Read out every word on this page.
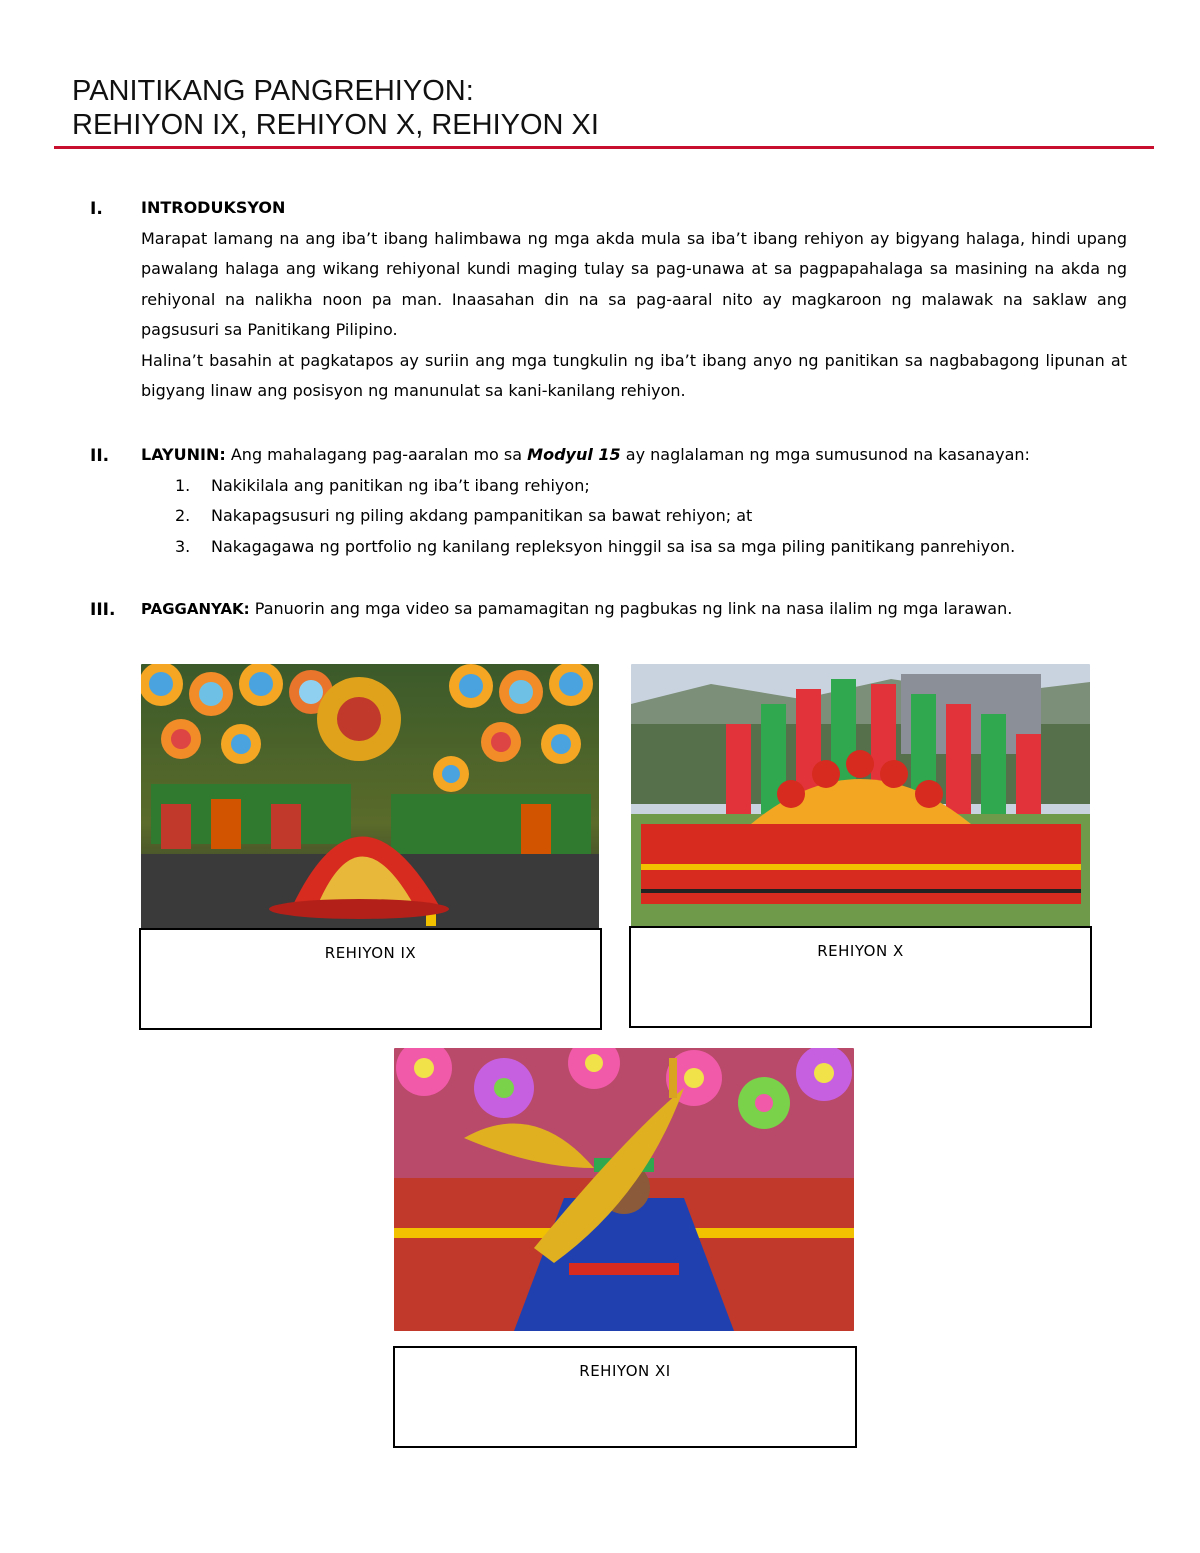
PANITIKANG PANGREHIYON:
REHIYON IX, REHIYON X, REHIYON XI
I. INTRODUKSYON
Marapat lamang na ang iba’t ibang halimbawa ng mga akda mula sa iba’t ibang rehiyon ay bigyang halaga, hindi upang pawalang halaga ang wikang rehiyonal kundi maging tulay sa pag-unawa at sa pagpapahalaga sa masining na akda ng rehiyonal na nalikha noon pa man. Inaasahan din na sa pag-aaral nito ay magkaroon ng malawak na saklaw ang pagsusuri sa Panitikang Pilipino.
Halina’t basahin at pagkatapos ay suriin ang mga tungkulin ng iba’t ibang anyo ng panitikan sa nagbabagong lipunan at bigyang linaw ang posisyon ng manunulat sa kani-kanilang rehiyon.
II. LAYUNIN: Ang mahalagang pag-aaralan mo sa Modyul 15 ay naglalaman ng mga sumusunod na kasanayan:
1. Nakikilala ang panitikan ng iba’t ibang rehiyon;
2. Nakapagsusuri ng piling akdang pampanitikan sa bawat rehiyon; at
3. Nakagagawa ng portfolio ng kanilang repleksyon hinggil sa isa sa mga piling panitikang panrehiyon.
III. PAGGANYAK: Panuorin ang mga video sa pamamagitan ng pagbukas ng link na nasa ilalim ng mga larawan.
REHIYON IX	REHIYON X
REHIYON XI
